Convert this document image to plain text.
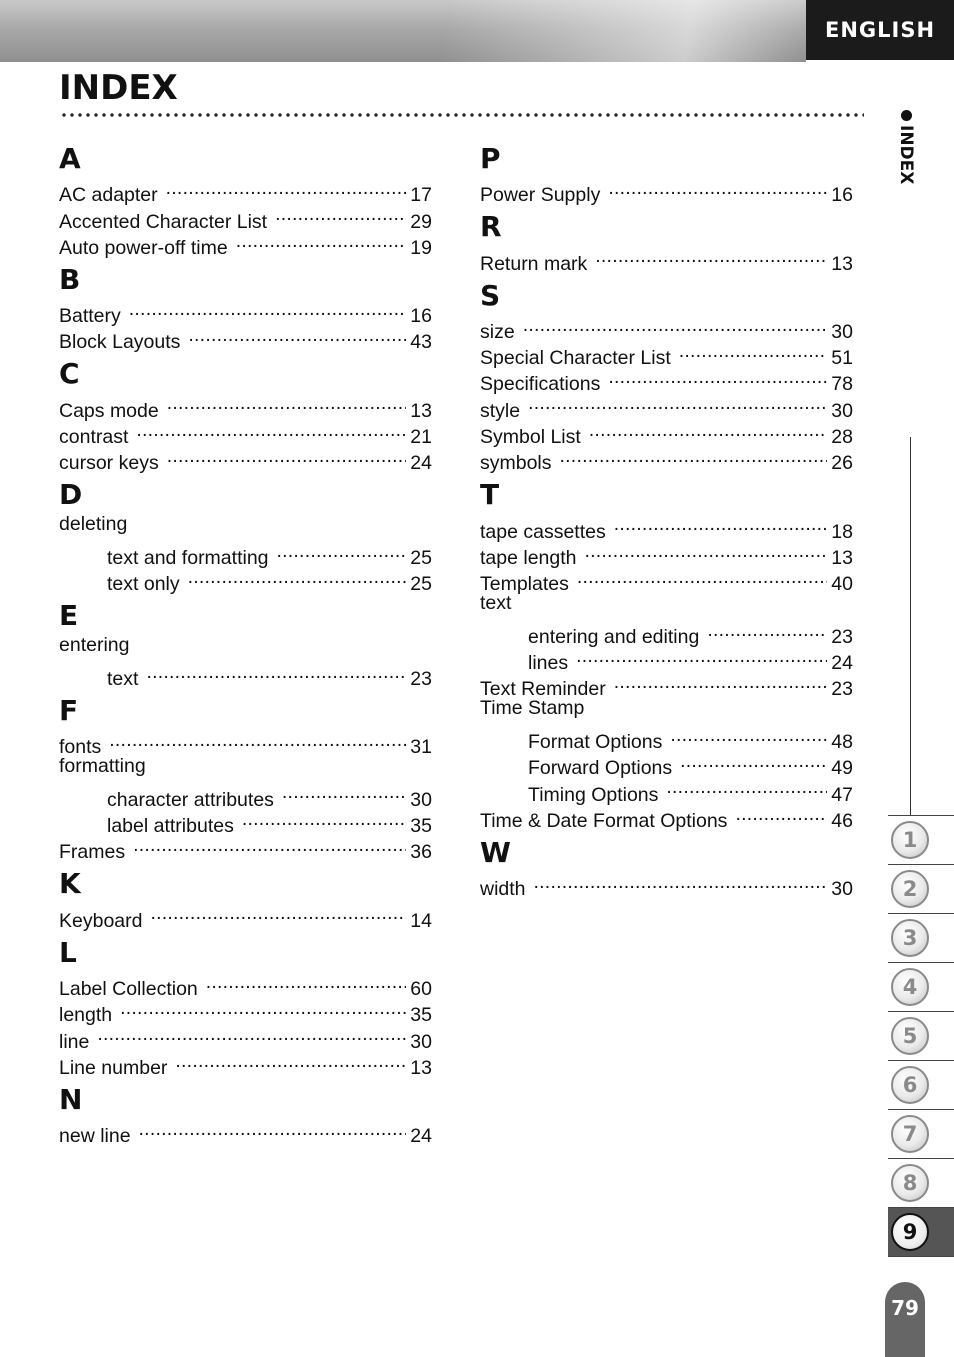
ENGLISH
INDEX
INDEX
1
2
3
4
5
6
7
8
9
79
A
AC adapter . . .	17
Accented Character List . . .	29
Auto power-off time . . .	19
B
Battery . . .	16
Block Layouts . . .	43
C
Caps mode . . .	13
contrast . . .	21
cursor keys . . .	24
D
deleting
text and formatting . . .	25
text only . . .	25
E
entering
text . . .	23
F
fonts . . .	31
formatting
character attributes . . .	30
label attributes . . .	35
Frames . . .	36
K
Keyboard . . .	14
L
Label Collection . . .	60
length . . .	35
line . . .	30
Line number . . .	13
N
new line . . .	24
P
Power Supply . . .	16
R
Return mark . . .	13
S
size . . .	30
Special Character List . . .	51
Specifications . . .	78
style . . .	30
Symbol List . . .	28
symbols . . .	26
T
tape cassettes . . .	18
tape length . . .	13
Templates . . .	40
text
entering and editing . . .	23
lines . . .	24
Text Reminder . . .	23
Time Stamp
Format Options . . .	48
Forward Options . . .	49
Timing Options . . .	47
Time & Date Format Options . . .	46
W
width . . .	30
